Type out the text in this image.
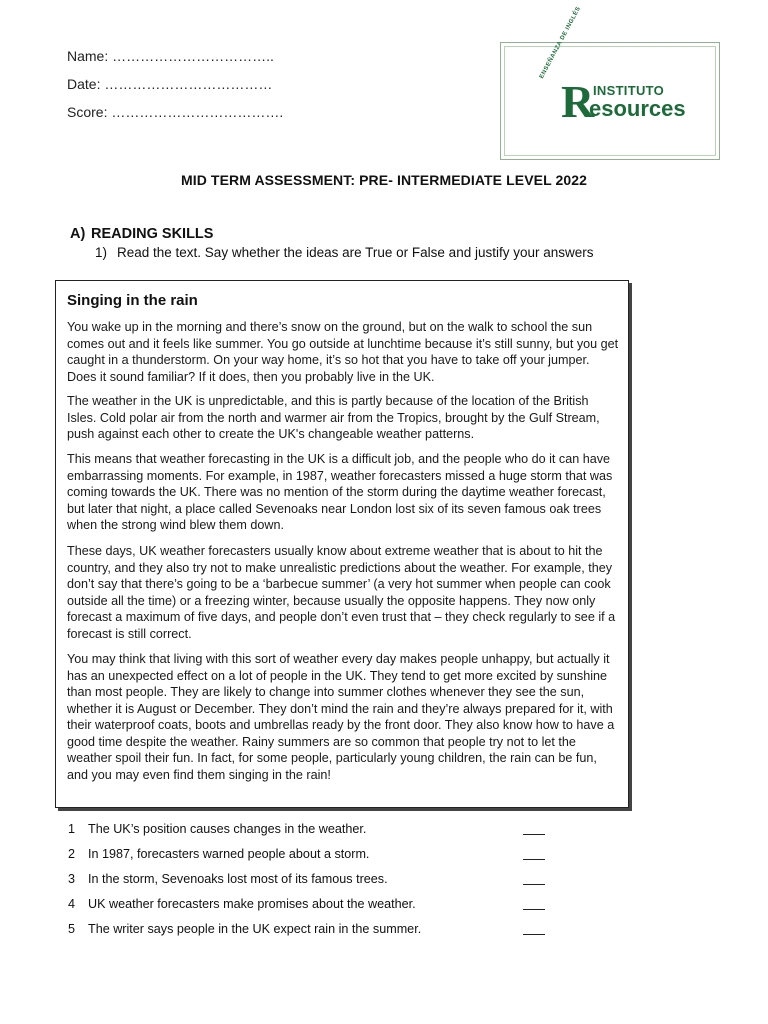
Name: ……………………………..
Date: ………………………………
Score: ……………………………….
ENSEÑANZA DE INGLÉS
R
INSTITUTO
esources
MID TERM ASSESSMENT: PRE- INTERMEDIATE LEVEL 2022
A) READING SKILLS
1) Read the text. Say whether the ideas are True or False and justify your answers
Singing in the rain
You wake up in the morning and there’s snow on the ground, but on the walk to school the sun comes out and it feels like summer. You go outside at lunchtime because it’s still sunny, but you get caught in a thunderstorm. On your way home, it’s so hot that you have to take off your jumper. Does it sound familiar? If it does, then you probably live in the UK.
The weather in the UK is unpredictable, and this is partly because of the location of the British Isles. Cold polar air from the north and warmer air from the Tropics, brought by the Gulf Stream, push against each other to create the UK's changeable weather patterns.
This means that weather forecasting in the UK is a difficult job, and the people who do it can have embarrassing moments. For example, in 1987, weather forecasters missed a huge storm that was coming towards the UK. There was no mention of the storm during the daytime weather forecast, but later that night, a place called Sevenoaks near London lost six of its seven famous oak trees when the strong wind blew them down.
These days, UK weather forecasters usually know about extreme weather that is about to hit the country, and they also try not to make unrealistic predictions about the weather. For example, they don’t say that there’s going to be a ‘barbecue summer’ (a very hot summer when people can cook outside all the time) or a freezing winter, because usually the opposite happens. They now only forecast a maximum of five days, and people don’t even trust that – they check regularly to see if a forecast is still correct.
You may think that living with this sort of weather every day makes people unhappy, but actually it has an unexpected effect on a lot of people in the UK. They tend to get more excited by sunshine than most people. They are likely to change into summer clothes whenever they see the sun, whether it is August or December. They don’t mind the rain and they’re always prepared for it, with their waterproof coats, boots and umbrellas ready by the front door. They also know how to have a good time despite the weather. Rainy summers are so common that people try not to let the weather spoil their fun. In fact, for some people, particularly young children, the rain can be fun, and you may even find them singing in the rain!
1 The UK’s position causes changes in the weather.
2 In 1987, forecasters warned people about a storm.
3 In the storm, Sevenoaks lost most of its famous trees.
4 UK weather forecasters make promises about the weather.
5 The writer says people in the UK expect rain in the summer.
